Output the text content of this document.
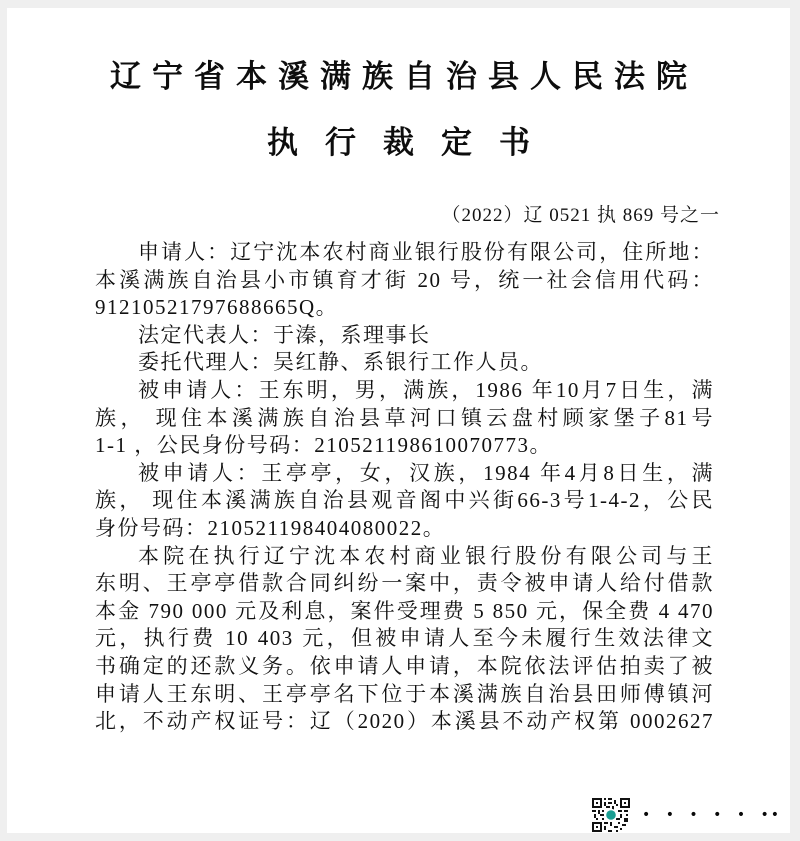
辽宁省本溪满族自治县人民法院
执行裁定书
（2022）辽 0521 执 869 号之一
申请人：辽宁沈本农村商业银行股份有限公司，住所地：
本溪满族自治县小市镇育才街 20 号，统一社会信用代码：
91210521797688665Q。
法定代表人：于溱，系理事长
委托代理人：吴红静、系银行工作人员。
被申请人：王东明，男，满族，1986 年10月7日生，满
族， 现住本溪满族自治县草河口镇云盘村顾家堡子81号
1-1 ，公民身份号码：210521198610070773。
被申请人：王亭亭，女，汉族，1984 年4月8日生，满
族， 现住本溪满族自治县观音阁中兴街66-3号1-4-2，公民
身份号码：210521198404080022。
本院在执行辽宁沈本农村商业银行股份有限公司与王
东明、王亭亭借款合同纠纷一案中，责令被申请人给付借款
本金 790 000 元及利息，案件受理费 5 850 元，保全费 4 470
元，执行费 10 403 元，但被申请人至今未履行生效法律文
书确定的还款义务。依申请人申请，本院依法评估拍卖了被
申请人王东明、王亭亭名下位于本溪满族自治县田师傅镇河
北，不动产权证号：辽（2020）本溪县不动产权第 0002627
• • • • • ••
